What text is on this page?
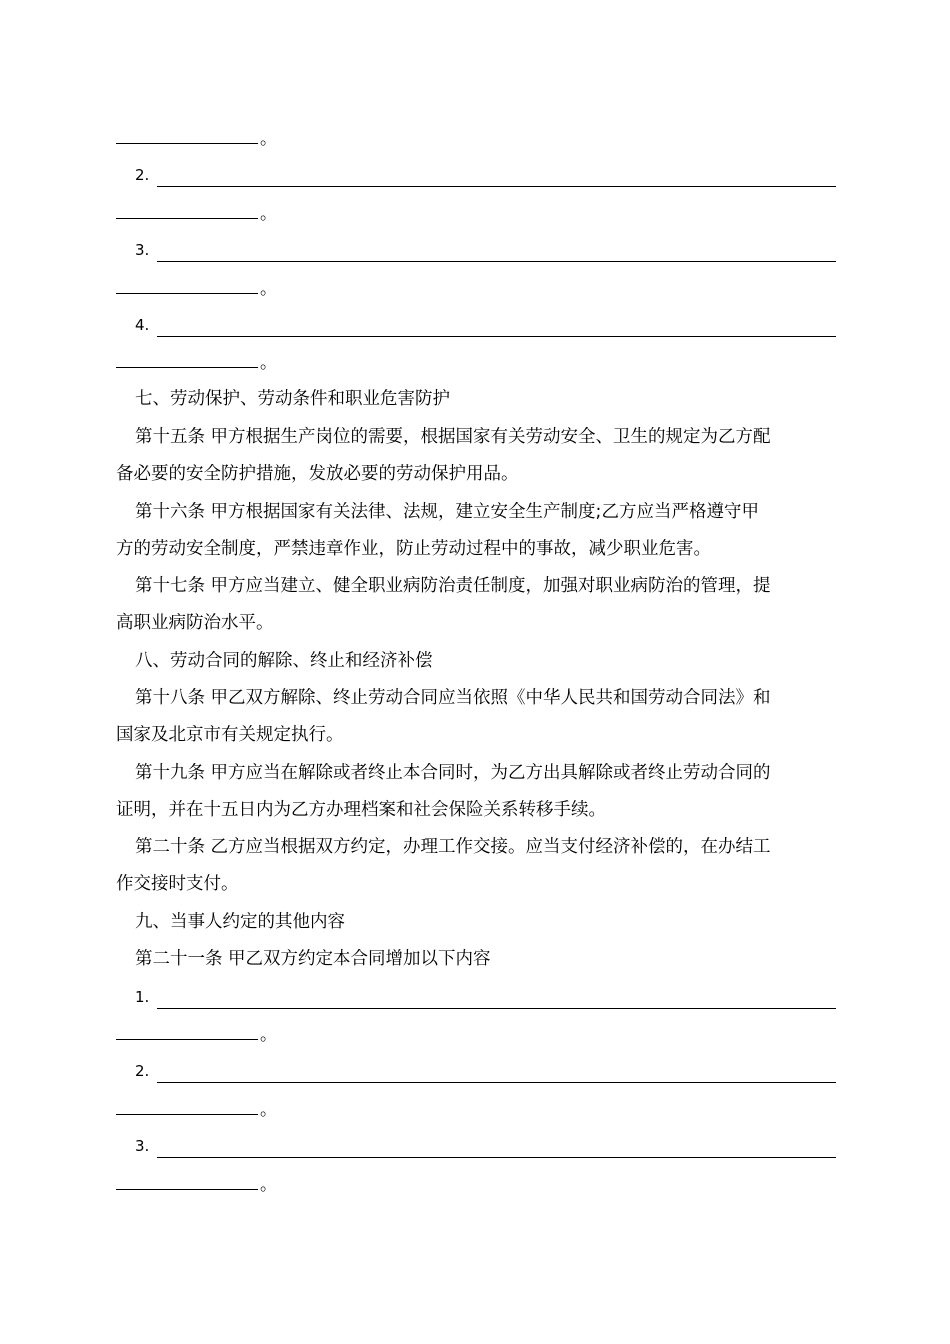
。
2.
。
3.
。
4.
。
七、劳动保护、劳动条件和职业危害防护
第十五条 甲方根据生产岗位的需要，根据国家有关劳动安全、卫生的规定为乙方配
备必要的安全防护措施，发放必要的劳动保护用品。
第十六条 甲方根据国家有关法律、法规，建立安全生产制度;乙方应当严格遵守甲
方的劳动安全制度，严禁违章作业，防止劳动过程中的事故，减少职业危害。
第十七条 甲方应当建立、健全职业病防治责任制度，加强对职业病防治的管理，提
高职业病防治水平。
八、劳动合同的解除、终止和经济补偿
第十八条 甲乙双方解除、终止劳动合同应当依照《中华人民共和国劳动合同法》和
国家及北京市有关规定执行。
第十九条 甲方应当在解除或者终止本合同时，为乙方出具解除或者终止劳动合同的
证明，并在十五日内为乙方办理档案和社会保险关系转移手续。
第二十条 乙方应当根据双方约定，办理工作交接。应当支付经济补偿的，在办结工
作交接时支付。
九、当事人约定的其他内容
第二十一条 甲乙双方约定本合同增加以下内容
1.
。
2.
。
3.
。
